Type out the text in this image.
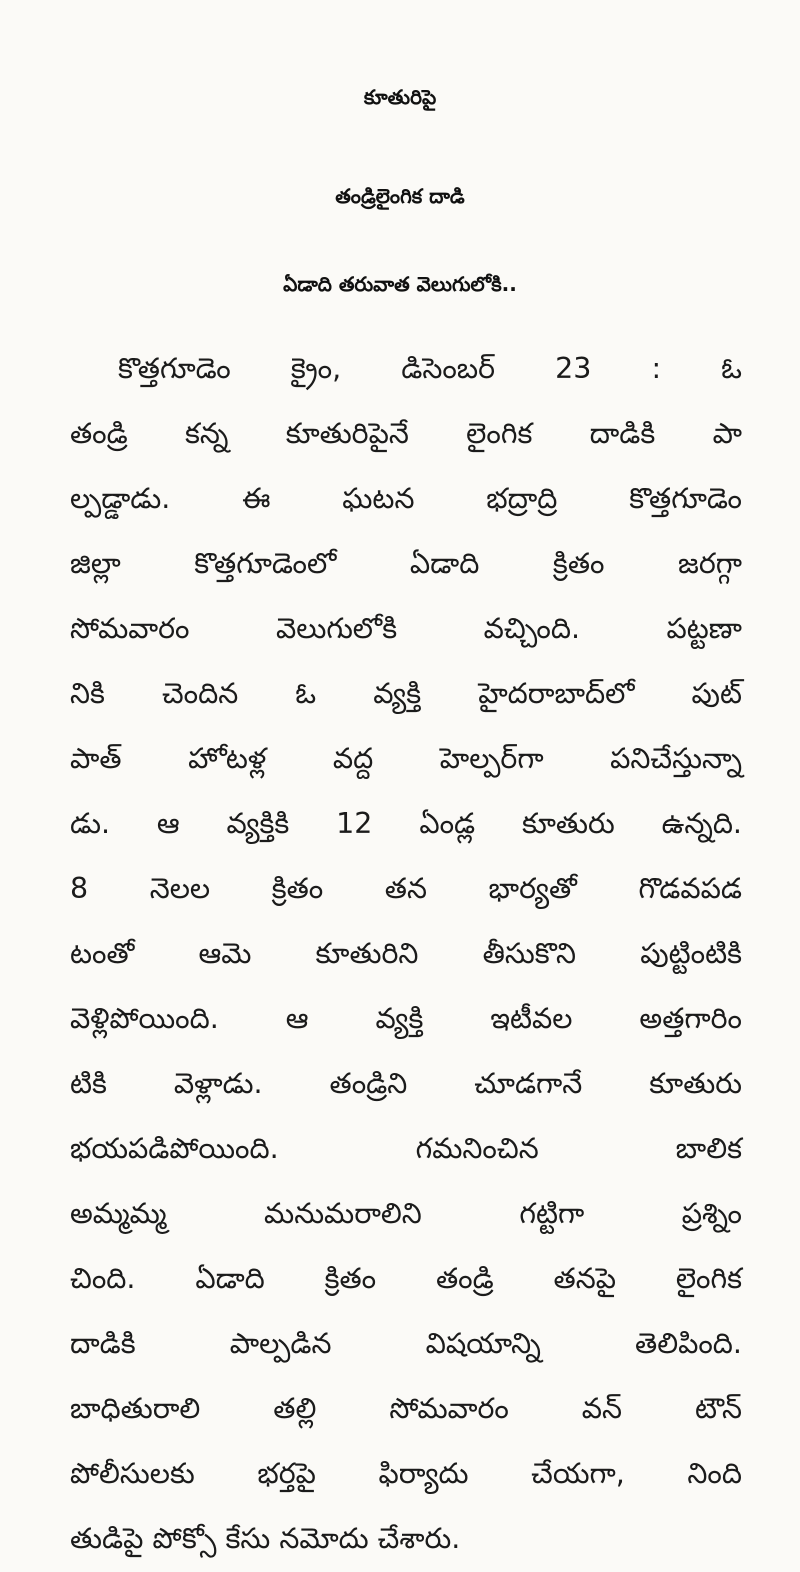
కూతురిపై
తండ్రిలైంగిక దాడి
ఏడాది తరువాత వెలుగులోకి..
కొత్తగూడెం క్రైం, డిసెంబర్ 23 : ఓ
తండ్రి కన్న కూతురిపైనే లైంగిక దాడికి పా
ల్పడ్డాడు. ఈ ఘటన భద్రాద్రి కొత్తగూడెం
జిల్లా కొత్తగూడెంలో ఏడాది క్రితం జరగ్గా
సోమవారం వెలుగులోకి వచ్చింది. పట్టణా
నికి చెందిన ఓ వ్యక్తి హైదరాబాద్‌లో పుట్
పాత్ హోటళ్ల వద్ద హెల్పర్‌గా పనిచేస్తున్నా
డు. ఆ వ్యక్తికి 12 ఏండ్ల కూతురు ఉన్నది.
8 నెలల క్రితం తన భార్యతో గొడవపడ
టంతో ఆమె కూతురిని తీసుకొని పుట్టింటికి
వెళ్లిపోయింది. ఆ వ్యక్తి ఇటీవల అత్తగారిం
టికి వెళ్లాడు. తండ్రిని చూడగానే కూతురు
భయపడిపోయింది. గమనించిన బాలిక
అమ్మమ్మ మనుమరాలిని గట్టిగా ప్రశ్నిం
చింది. ఏడాది క్రితం తండ్రి తనపై లైంగిక
దాడికి పాల్పడిన విషయాన్ని తెలిపింది.
బాధితురాలి తల్లి సోమవారం వన్ టౌన్
పోలీసులకు భర్తపై ఫిర్యాదు చేయగా, నింది
తుడిపై పోక్సో కేసు నమోదు చేశారు.
